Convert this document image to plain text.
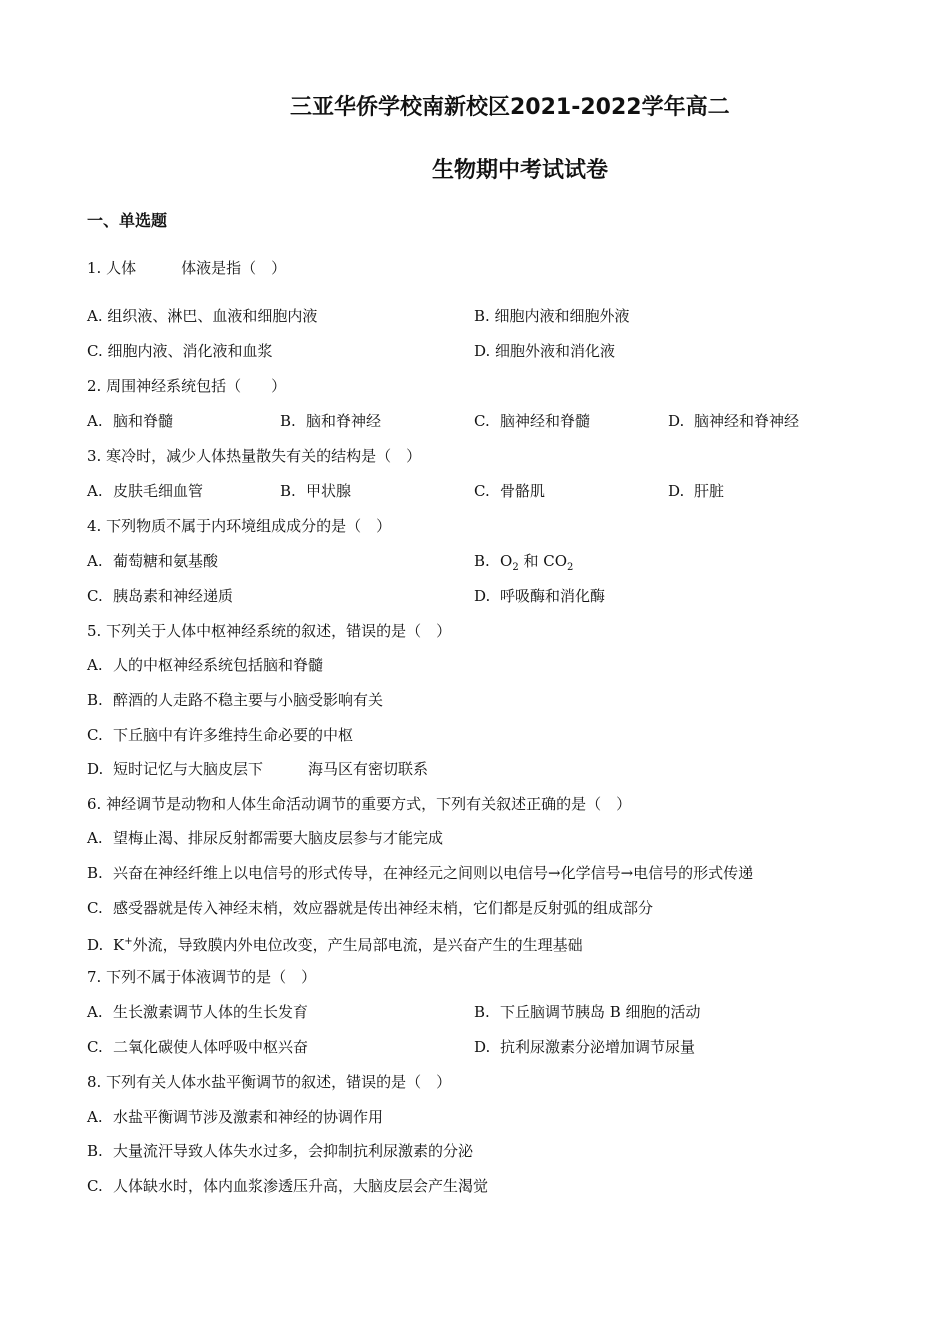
三亚华侨学校南新校区2021-2022学年高二
生物期中考试试卷
一、单选题
1. 人体　　　体液是指（　）
A. 组织液、淋巴、血液和细胞内液	B. 细胞内液和细胞外液
C. 细胞内液、消化液和血浆	D. 细胞外液和消化液
2. 周围神经系统包括（　　）
A. 脑和脊髓	B. 脑和脊神经	C. 脑神经和脊髓	D. 脑神经和脊神经
3. 寒冷时，减少人体热量散失有关的结构是（　）
A. 皮肤毛细血管	B. 甲状腺	C. 骨骼肌	D. 肝脏
4. 下列物质不属于内环境组成成分的是（　）
A. 葡萄糖和氨基酸	B. $O_2$ 和 $CO_2$
C. 胰岛素和神经递质	D. 呼吸酶和消化酶
5. 下列关于人体中枢神经系统的叙述，错误的是（　）
A. 人的中枢神经系统包括脑和脊髓
B. 醉酒的人走路不稳主要与小脑受影响有关
C. 下丘脑中有许多维持生命必要的中枢
D. 短时记忆与大脑皮层下　　　海马区有密切联系
6. 神经调节是动物和人体生命活动调节的重要方式，下列有关叙述正确的是（　）
A. 望梅止渴、排尿反射都需要大脑皮层参与才能完成
B. 兴奋在神经纤维上以电信号的形式传导，在神经元之间则以电信号→化学信号→电信号的形式传递
C. 感受器就是传入神经末梢，效应器就是传出神经末梢，它们都是反射弧的组成部分
D. K+外流，导致膜内外电位改变，产生局部电流，是兴奋产生的生理基础
7. 下列不属于体液调节的是（　）
A. 生长激素调节人体的生长发育	B. 下丘脑调节胰岛 B 细胞的活动
C. 二氧化碳使人体呼吸中枢兴奋	D. 抗利尿激素分泌增加调节尿量
8. 下列有关人体水盐平衡调节的叙述，错误的是（　）
A. 水盐平衡调节涉及激素和神经的协调作用
B. 大量流汗导致人体失水过多，会抑制抗利尿激素的分泌
C. 人体缺水时，体内血浆渗透压升高，大脑皮层会产生渴觉
